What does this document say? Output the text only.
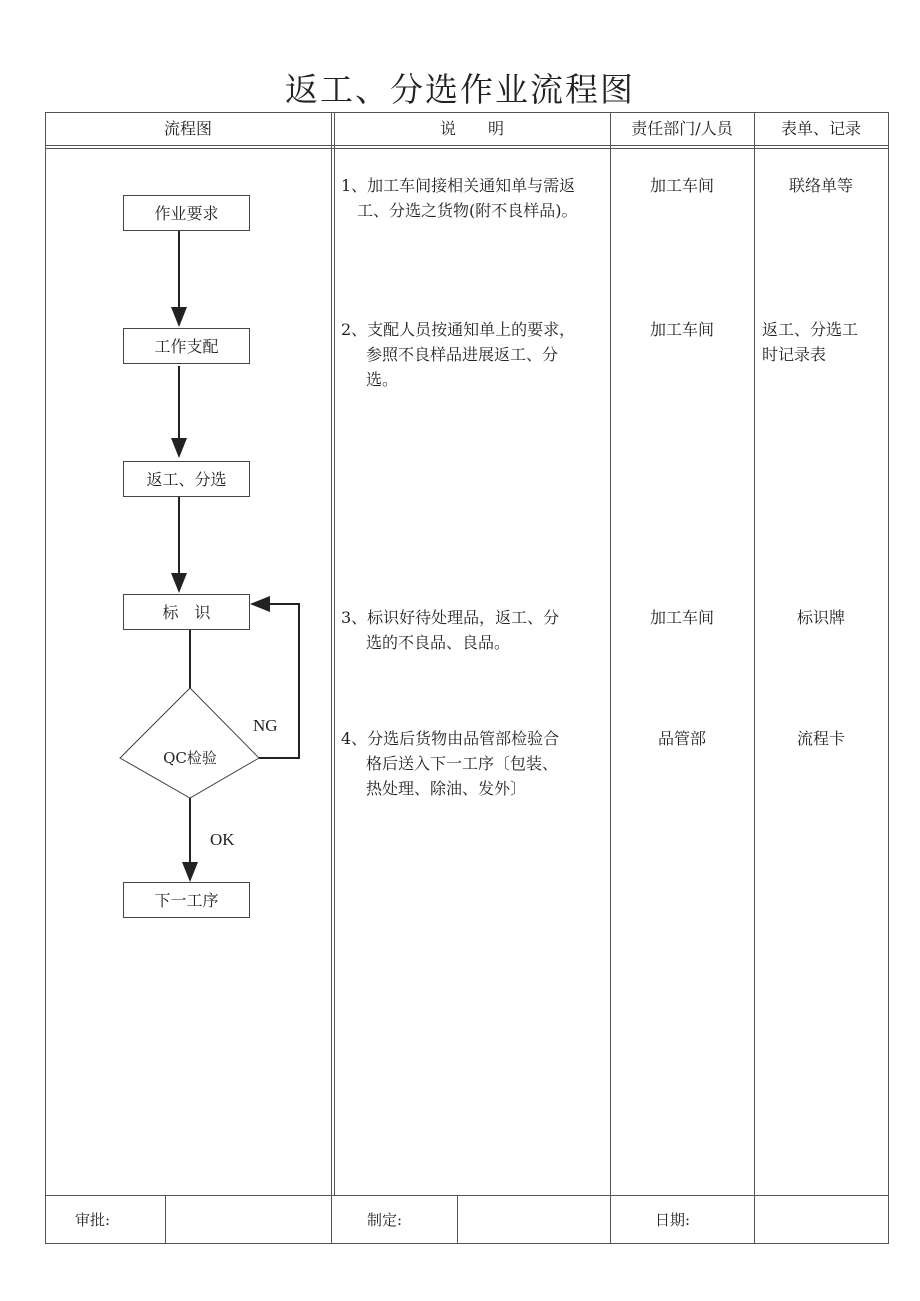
返工、分选作业流程图
流程图	说　　明	责任部门/人员	表单、记录
作业要求
工作支配
返工、分选
标　识
QC检验
NG
OK
下一工序
1、加工车间接相关通知单与需返
工、分选之货物(附不良样品)。
加工车间	联络单等
2、支配人员按通知单上的要求，
参照不良样品进展返工、分
选。
加工车间	返工、分选工
时记录表
3、标识好待处理品，返工、分
选的不良品、良品。
加工车间	标识牌
4、分选后货物由品管部检验合
格后送入下一工序〔包装、
热处理、除油、发外〕
品管部	流程卡
审批:	制定:	日期:
